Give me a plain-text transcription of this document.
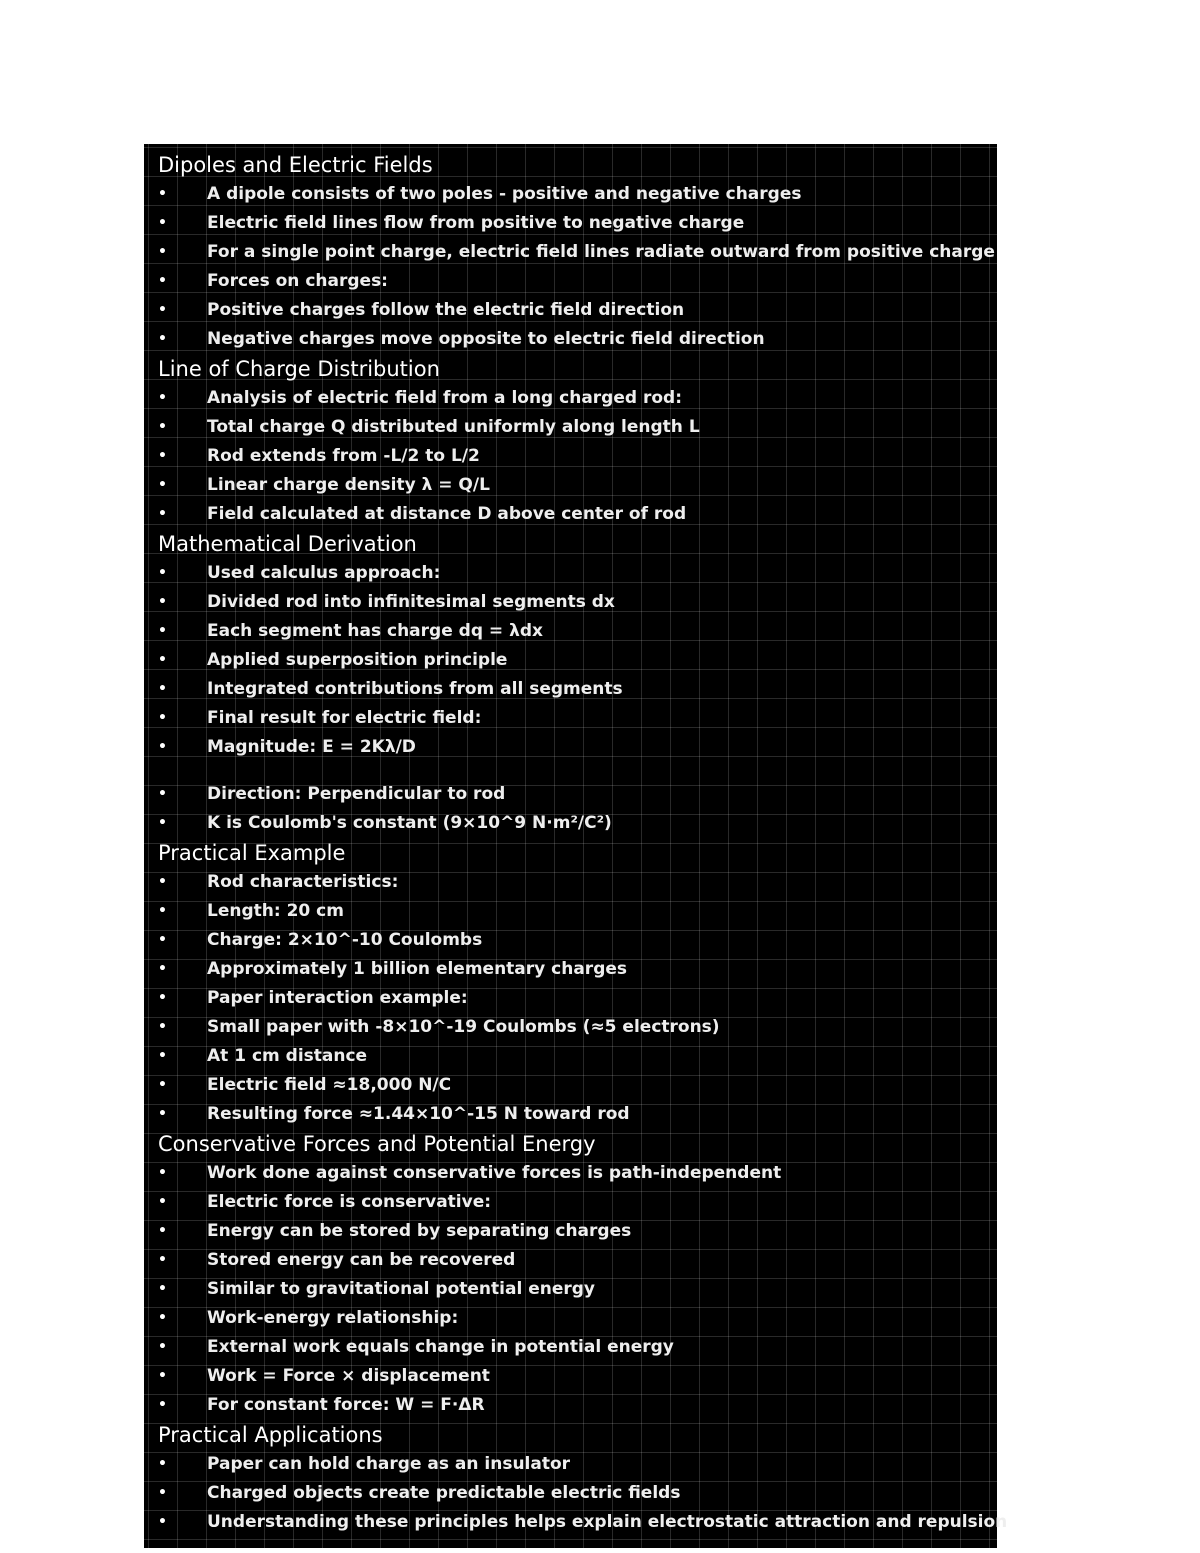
Dipoles and Electric Fields
• A dipole consists of two poles - positive and negative charges
• Electric field lines flow from positive to negative charge
• For a single point charge, electric field lines radiate outward from positive charge
• Forces on charges:
• Positive charges follow the electric field direction
• Negative charges move opposite to electric field direction
Line of Charge Distribution
• Analysis of electric field from a long charged rod:
• Total charge Q distributed uniformly along length L
• Rod extends from -L/2 to L/2
• Linear charge density λ = Q/L
• Field calculated at distance D above center of rod
Mathematical Derivation
• Used calculus approach:
• Divided rod into infinitesimal segments dx
• Each segment has charge dq = λdx
• Applied superposition principle
• Integrated contributions from all segments
• Final result for electric field:
• Magnitude: E = 2Kλ/D
• Direction: Perpendicular to rod
• K is Coulomb's constant (9×10^9 N·m²/C²)
Practical Example
• Rod characteristics:
• Length: 20 cm
• Charge: 2×10^-10 Coulombs
• Approximately 1 billion elementary charges
• Paper interaction example:
• Small paper with -8×10^-19 Coulombs (≈5 electrons)
• At 1 cm distance
• Electric field ≈18,000 N/C
• Resulting force ≈1.44×10^-15 N toward rod
Conservative Forces and Potential Energy
• Work done against conservative forces is path-independent
• Electric force is conservative:
• Energy can be stored by separating charges
• Stored energy can be recovered
• Similar to gravitational potential energy
• Work-energy relationship:
• External work equals change in potential energy
• Work = Force × displacement
• For constant force: W = F·ΔR
Practical Applications
• Paper can hold charge as an insulator
• Charged objects create predictable electric fields
• Understanding these principles helps explain electrostatic attraction and repulsion
